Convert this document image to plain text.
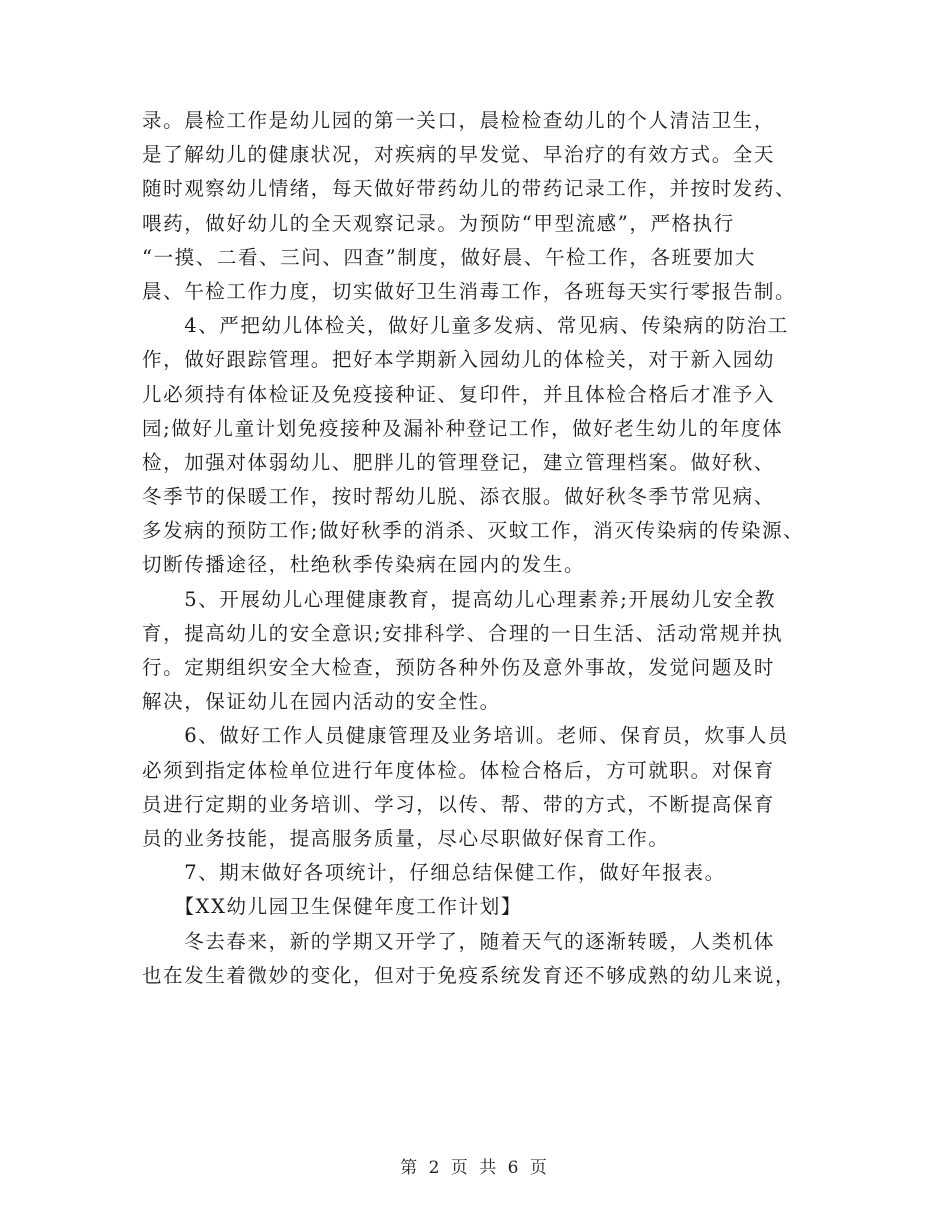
录。晨检工作是幼儿园的第一关口，晨检检查幼儿的个人清洁卫生，
是了解幼儿的健康状况，对疾病的早发觉、早治疗的有效方式。全天
随时观察幼儿情绪，每天做好带药幼儿的带药记录工作，并按时发药、
喂药，做好幼儿的全天观察记录。为预防“甲型流感”，严格执行
“一摸、二看、三问、四查”制度，做好晨、午检工作，各班要加大
晨、午检工作力度，切实做好卫生消毒工作，各班每天实行零报告制。
　　4、严把幼儿体检关，做好儿童多发病、常见病、传染病的防治工
作，做好跟踪管理。把好本学期新入园幼儿的体检关，对于新入园幼
儿必须持有体检证及免疫接种证、复印件，并且体检合格后才准予入
园;做好儿童计划免疫接种及漏补种登记工作，做好老生幼儿的年度体
检，加强对体弱幼儿、肥胖儿的管理登记，建立管理档案。做好秋、
冬季节的保暖工作，按时帮幼儿脱、添衣服。做好秋冬季节常见病、
多发病的预防工作;做好秋季的消杀、灭蚊工作，消灭传染病的传染源、
切断传播途径，杜绝秋季传染病在园内的发生。
　　5、开展幼儿心理健康教育，提高幼儿心理素养;开展幼儿安全教
育，提高幼儿的安全意识;安排科学、合理的一日生活、活动常规并执
行。定期组织安全大检查，预防各种外伤及意外事故，发觉问题及时
解决，保证幼儿在园内活动的安全性。
　　6、做好工作人员健康管理及业务培训。老师、保育员，炊事人员
必须到指定体检单位进行年度体检。体检合格后，方可就职。对保育
员进行定期的业务培训、学习，以传、帮、带的方式，不断提高保育
员的业务技能，提高服务质量，尽心尽职做好保育工作。
　　7、期末做好各项统计，仔细总结保健工作，做好年报表。
　　【XX幼儿园卫生保健年度工作计划】
　　冬去春来，新的学期又开学了，随着天气的逐渐转暖，人类机体
也在发生着微妙的变化，但对于免疫系统发育还不够成熟的幼儿来说，
第 2 页 共 6 页
